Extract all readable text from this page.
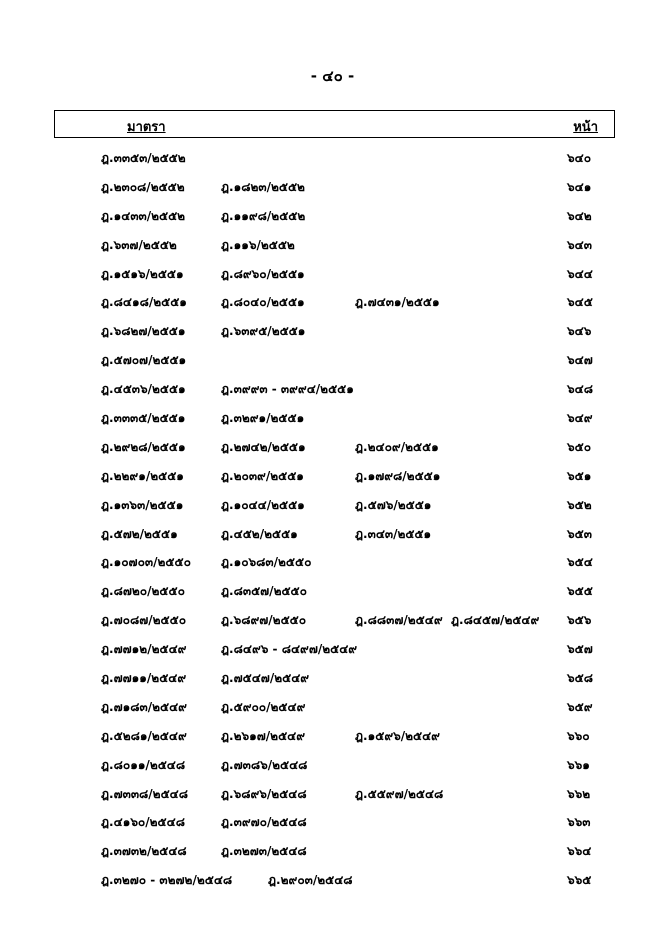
- ๔๐ -
มาตรา	หน้า
ฎ.๓๓๕๓/๒๕๕๒	๖๔๐
ฎ.๒๓๐๘/๒๕๕๒	ฎ.๑๘๒๓/๒๕๕๒	๖๔๑
ฎ.๑๔๓๓/๒๕๕๒	ฎ.๑๑๙๘/๒๕๕๒	๖๔๒
ฎ.๖๓๗/๒๕๕๒	ฎ.๑๑๖/๒๕๕๒	๖๔๓
ฎ.๑๕๑๖/๒๕๕๑	ฎ.๘๙๖๐/๒๕๕๑	๖๔๔
ฎ.๘๔๑๘/๒๕๕๑	ฎ.๘๐๔๐/๒๕๕๑	ฎ.๗๔๓๑/๒๕๕๑	๖๔๕
ฎ.๖๘๒๗/๒๕๕๑	ฎ.๖๓๙๕/๒๕๕๑	๖๔๖
ฎ.๕๗๐๗/๒๕๕๑	๖๔๗
ฎ.๔๕๓๖/๒๕๕๑	ฎ.๓๙๙๓ - ๓๙๙๔/๒๕๕๑	๖๔๘
ฎ.๓๓๓๕/๒๕๕๑	ฎ.๓๒๙๑/๒๕๕๑	๖๔๙
ฎ.๒๙๒๘/๒๕๕๑	ฎ.๒๗๔๒/๒๕๕๑	ฎ.๒๔๐๙/๒๕๕๑	๖๕๐
ฎ.๒๒๙๑/๒๕๕๑	ฎ.๒๐๓๙/๒๕๕๑	ฎ.๑๗๙๘/๒๕๕๑	๖๕๑
ฎ.๑๓๖๓/๒๕๕๑	ฎ.๑๐๔๔/๒๕๕๑	ฎ.๕๗๖/๒๕๕๑	๖๕๒
ฎ.๕๗๒/๒๕๕๑	ฎ.๔๕๒/๒๕๕๑	ฎ.๓๔๓/๒๕๕๑	๖๕๓
ฎ.๑๐๗๐๓/๒๕๕๐	ฎ.๑๐๖๘๓/๒๕๕๐	๖๕๔
ฎ.๘๗๒๐/๒๕๕๐	ฎ.๘๓๕๗/๒๕๕๐	๖๕๕
ฎ.๗๐๘๗/๒๕๕๐	ฎ.๖๘๙๗/๒๕๕๐	ฎ.๘๘๓๗/๒๕๔๙ ฎ.๘๔๕๗/๒๕๔๙ ๖๕๖
ฎ.๗๗๑๒/๒๕๔๙	ฎ.๘๔๙๖ - ๘๔๙๗/๒๕๔๙	๖๕๗
ฎ.๗๗๑๑/๒๕๔๙	ฎ.๗๕๔๗/๒๕๔๙	๖๕๘
ฎ.๗๑๘๓/๒๕๔๙	ฎ.๕๙๐๐/๒๕๔๙	๖๕๙
ฎ.๕๒๘๑/๒๕๔๙	ฎ.๒๖๑๗/๒๕๔๙	ฎ.๑๕๙๖/๒๕๔๙	๖๖๐
ฎ.๘๐๑๑/๒๕๔๘	ฎ.๗๓๘๖/๒๕๔๘	๖๖๑
ฎ.๗๓๓๘/๒๕๔๘	ฎ.๖๘๙๖/๒๕๔๘	ฎ.๕๕๙๗/๒๕๔๘	๖๖๒
ฎ.๔๑๖๐/๒๕๔๘	ฎ.๓๙๗๐/๒๕๔๘	๖๖๓
ฎ.๓๗๓๒/๒๕๔๘	ฎ.๓๒๗๓/๒๕๔๘	๖๖๔
ฎ.๓๒๗๐ - ๓๒๗๒/๒๕๔๘	ฎ.๒๙๐๓/๒๕๔๘	๖๖๕
